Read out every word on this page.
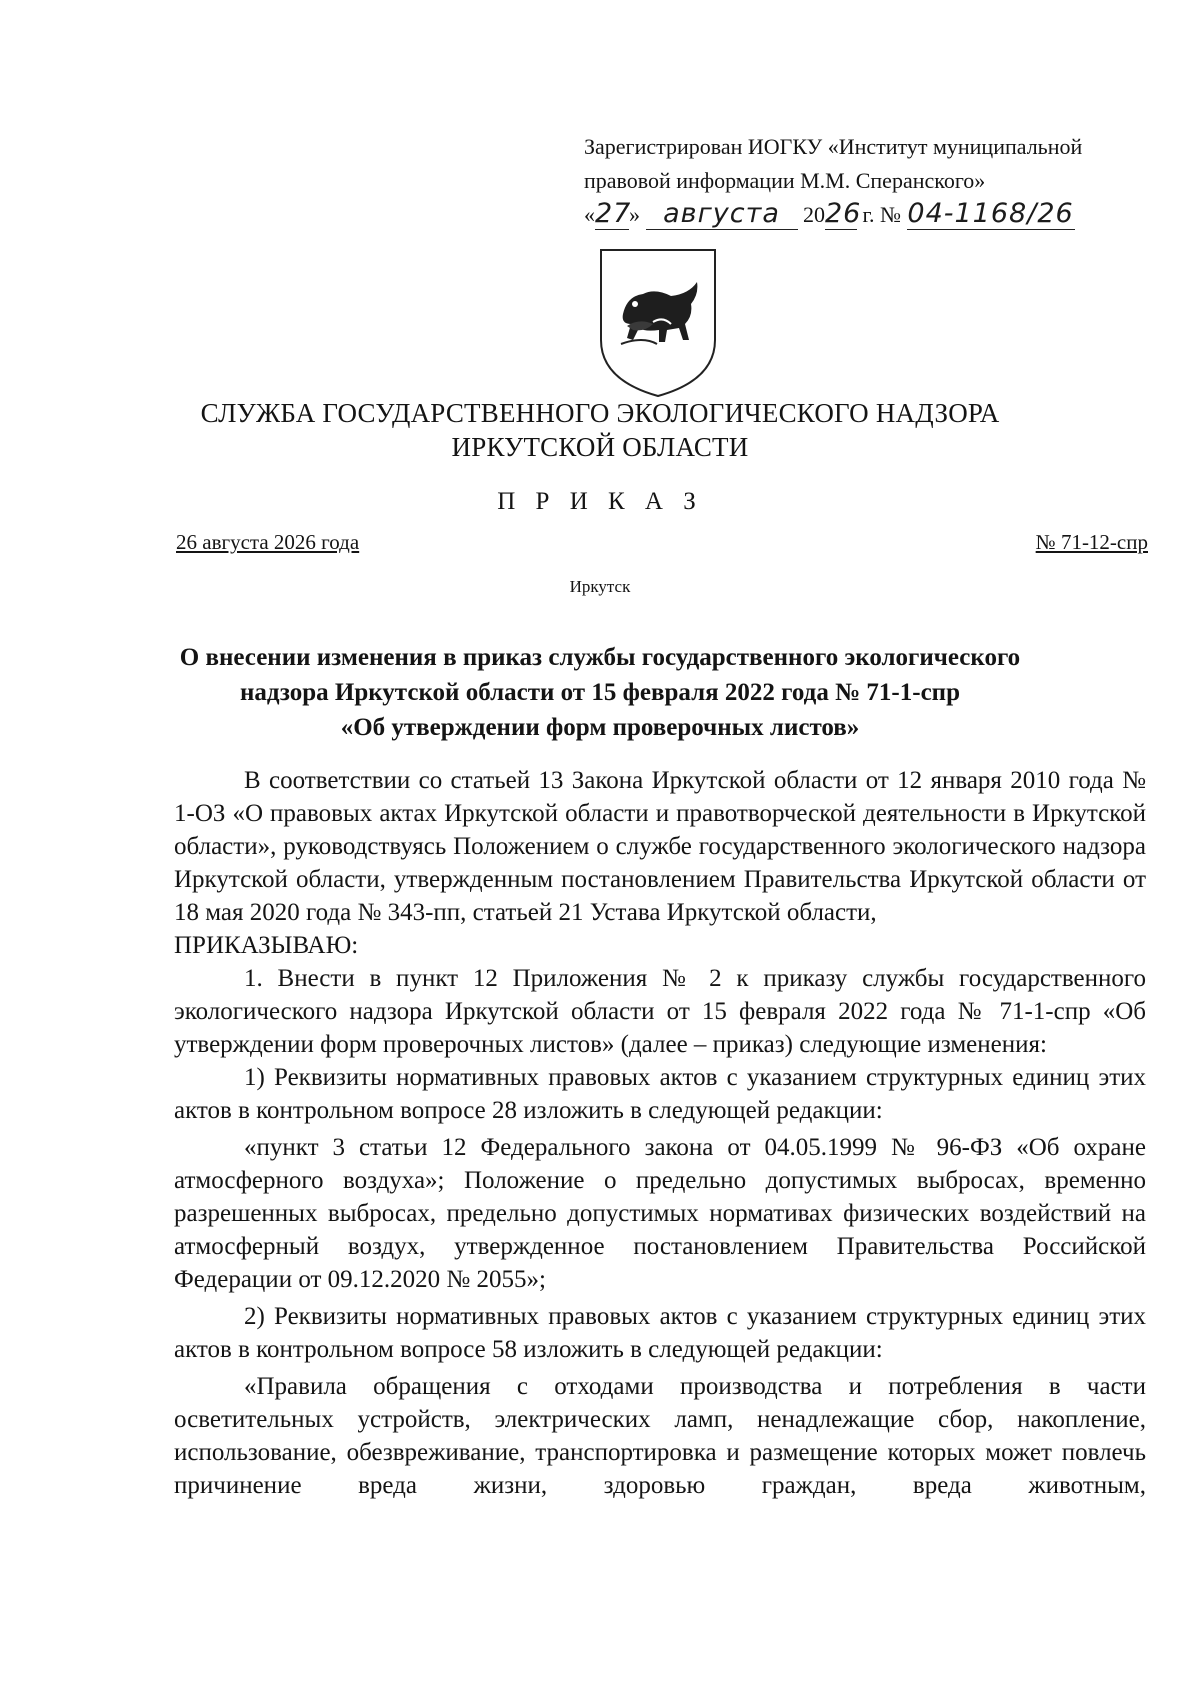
Зарегистрирован ИОГКУ «Институт муниципальной
правовой информации М.М. Сперанского»
«27» августа 2026 г. № 04-1168/26
СЛУЖБА ГОСУДАРСТВЕННОГО ЭКОЛОГИЧЕСКОГО НАДЗОРА
ИРКУТСКОЙ ОБЛАСТИ
П Р И К А З
26 августа 2026 года	№ 71-12-спр
Иркутск
О внесении изменения в приказ службы государственного экологического
надзора Иркутской области от 15 февраля 2022 года № 71-1-спр
«Об утверждении форм проверочных листов»

В соответствии со статьей 13 Закона Иркутской области от 12 января 2010 года № 1-ОЗ «О правовых актах Иркутской области и правотворческой деятельности в Иркутской области», руководствуясь Положением о службе государственного экологического надзора Иркутской области, утвержденным постановлением Правительства Иркутской области от 18 мая 2020 года № 343-пп, статьей 21 Устава Иркутской области,

ПРИКАЗЫВАЮ:

1. Внести в пункт 12 Приложения № 2 к приказу службы государственного экологического надзора Иркутской области от 15 февраля 2022 года № 71-1-спр «Об утверждении форм проверочных листов» (далее – приказ) следующие изменения:

1) Реквизиты нормативных правовых актов с указанием структурных единиц этих актов в контрольном вопросе 28 изложить в следующей редакции:

«пункт 3 статьи 12 Федерального закона от 04.05.1999 № 96-ФЗ «Об охране атмосферного воздуха»; Положение о предельно допустимых выбросах, временно разрешенных выбросах, предельно допустимых нормативах физических воздействий на атмосферный воздух, утвержденное постановлением Правительства Российской Федерации от 09.12.2020 № 2055»;

2) Реквизиты нормативных правовых актов с указанием структурных единиц этих актов в контрольном вопросе 58 изложить в следующей редакции:

«Правила обращения с отходами производства и потребления в части осветительных устройств, электрических ламп, ненадлежащие сбор, накопление, использование, обезвреживание, транспортировка и размещение которых может повлечь причинение вреда жизни, здоровью граждан, вреда животным,
